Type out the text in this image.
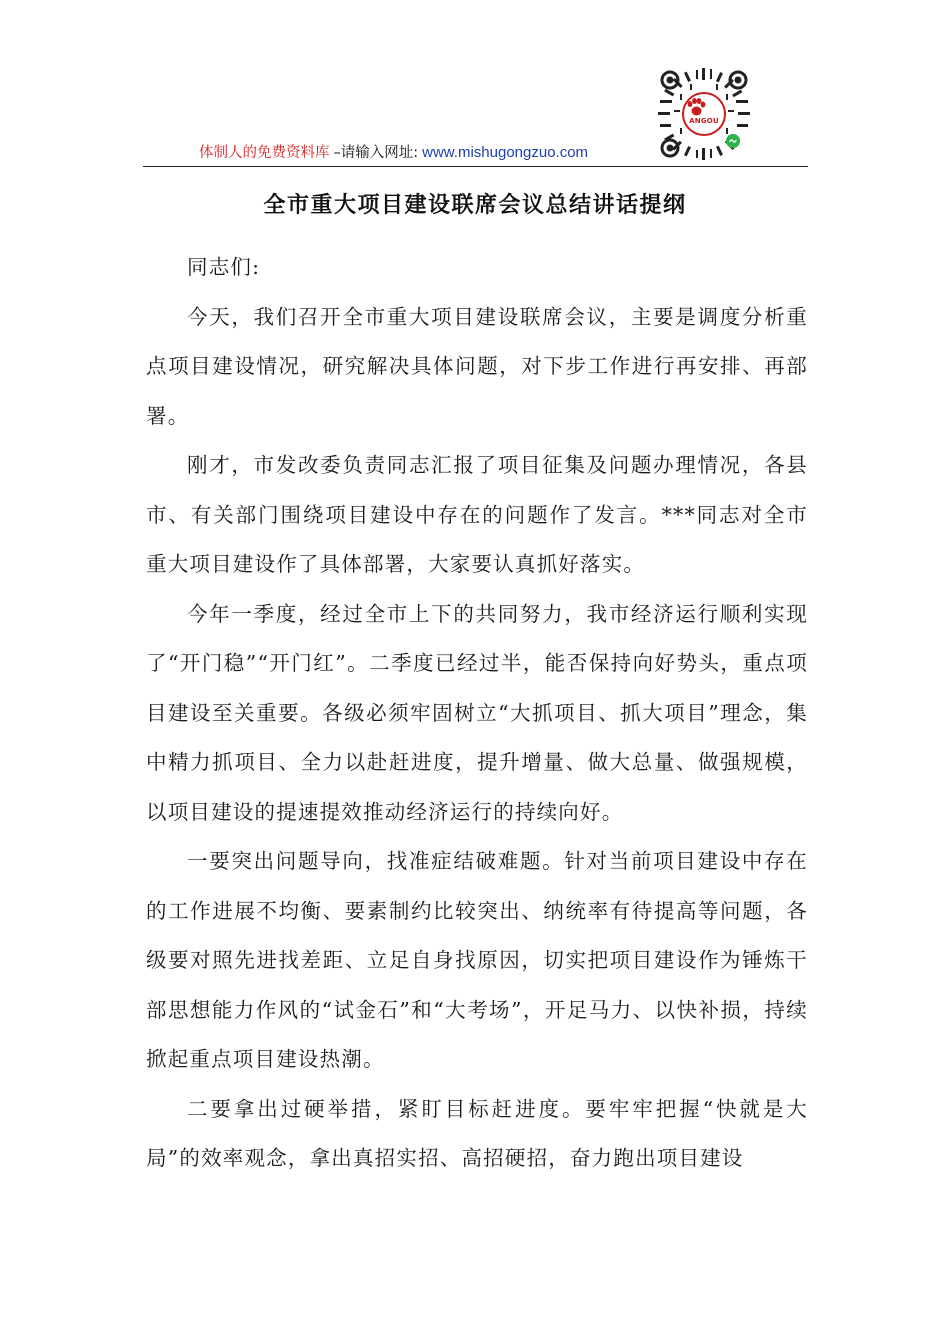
ANGOU
体制人的免费资料库 –请输入网址: www.mishugongzuo.com
全市重大项目建设联席会议总结讲话提纲

同志们:

今天，我们召开全市重大项目建设联席会议，主要是调度分析重点项目建设情况，研究解决具体问题，对下步工作进行再安排、再部署。

刚才，市发改委负责同志汇报了项目征集及问题办理情况，各县市、有关部门围绕项目建设中存在的问题作了发言。***同志对全市重大项目建设作了具体部署，大家要认真抓好落实。

今年一季度，经过全市上下的共同努力，我市经济运行顺利实现了“开门稳”“开门红”。二季度已经过半，能否保持向好势头，重点项目建设至关重要。各级必须牢固树立“大抓项目、抓大项目”理念，集中精力抓项目、全力以赴赶进度，提升增量、做大总量、做强规模，以项目建设的提速提效推动经济运行的持续向好。

一要突出问题导向，找准症结破难题。针对当前项目建设中存在的工作进展不均衡、要素制约比较突出、纳统率有待提高等问题，各级要对照先进找差距、立足自身找原因，切实把项目建设作为锤炼干部思想能力作风的“试金石”和“大考场”，开足马力、以快补损，持续掀起重点项目建设热潮。

二要拿出过硬举措，紧盯目标赶进度。要牢牢把握“快就是大局”的效率观念，拿出真招实招、高招硬招，奋力跑出项目建设
